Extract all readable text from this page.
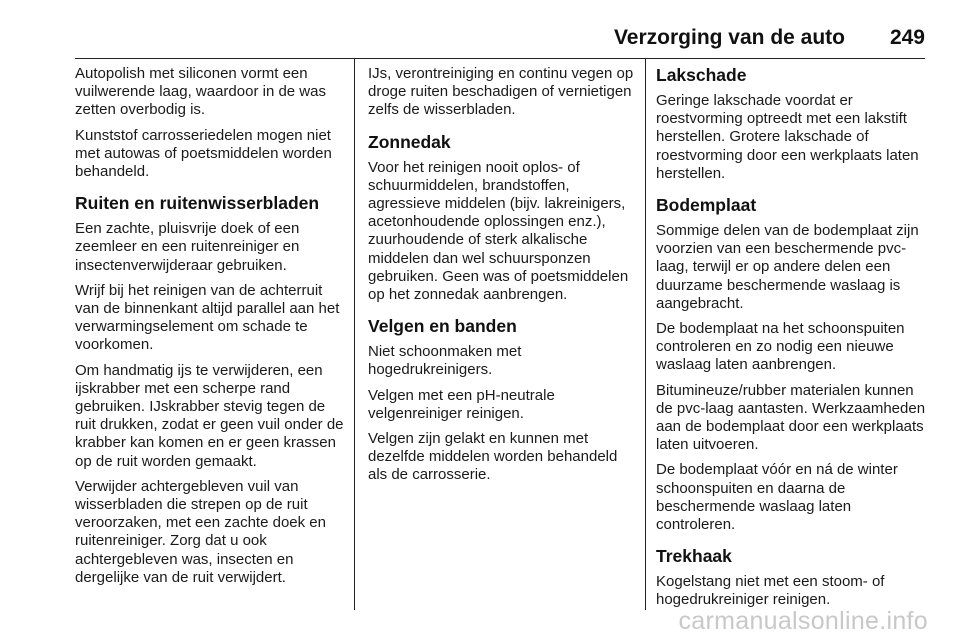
Verzorging van de auto 249

Autopolish met siliconen vormt een vuilwerende laag, waardoor in de was zetten overbodig is.

Kunststof carrosseriedelen mogen niet met autowas of poetsmiddelen worden behandeld.

Ruiten en ruitenwisserbladen

Een zachte, pluisvrije doek of een zeemleer en een ruitenreiniger en insectenverwijderaar gebruiken.

Wrijf bij het reinigen van de achterruit van de binnenkant altijd parallel aan het verwarmingselement om schade te voorkomen.

Om handmatig ijs te verwijderen, een ijskrabber met een scherpe rand gebruiken. IJskrabber stevig tegen de ruit drukken, zodat er geen vuil onder de krabber kan komen en er geen krassen op de ruit worden gemaakt.

Verwijder achtergebleven vuil van wisserbladen die strepen op de ruit veroorzaken, met een zachte doek en ruitenreiniger. Zorg dat u ook achtergebleven was, insecten en dergelijke van de ruit verwijdert.

IJs, verontreiniging en continu vegen op droge ruiten beschadigen of vernietigen zelfs de wisserbladen.

Zonnedak

Voor het reinigen nooit oplos- of schuurmiddelen, brandstoffen, agressieve middelen (bijv. lakreinigers, acetonhoudende oplossingen enz.), zuurhoudende of sterk alkalische middelen dan wel schuursponzen gebruiken. Geen was of poetsmiddelen op het zonnedak aanbrengen.

Velgen en banden

Niet schoonmaken met hogedrukreinigers.

Velgen met een pH-neutrale velgenreiniger reinigen.

Velgen zijn gelakt en kunnen met dezelfde middelen worden behandeld als de carrosserie.

Lakschade

Geringe lakschade voordat er roestvorming optreedt met een lakstift herstellen. Grotere lakschade of roestvorming door een werkplaats laten herstellen.

Bodemplaat

Sommige delen van de bodemplaat zijn voorzien van een beschermende pvc-laag, terwijl er op andere delen een duurzame beschermende waslaag is aangebracht.

De bodemplaat na het schoonspuiten controleren en zo nodig een nieuwe waslaag laten aanbrengen.

Bitumineuze/rubber materialen kunnen de pvc-laag aantasten. Werkzaamheden aan de bodemplaat door een werkplaats laten uitvoeren.

De bodemplaat vóór en ná de winter schoonspuiten en daarna de beschermende waslaag laten controleren.

Trekhaak

Kogelstang niet met een stoom- of hogedrukreiniger reinigen.

carmanualsonline.info
